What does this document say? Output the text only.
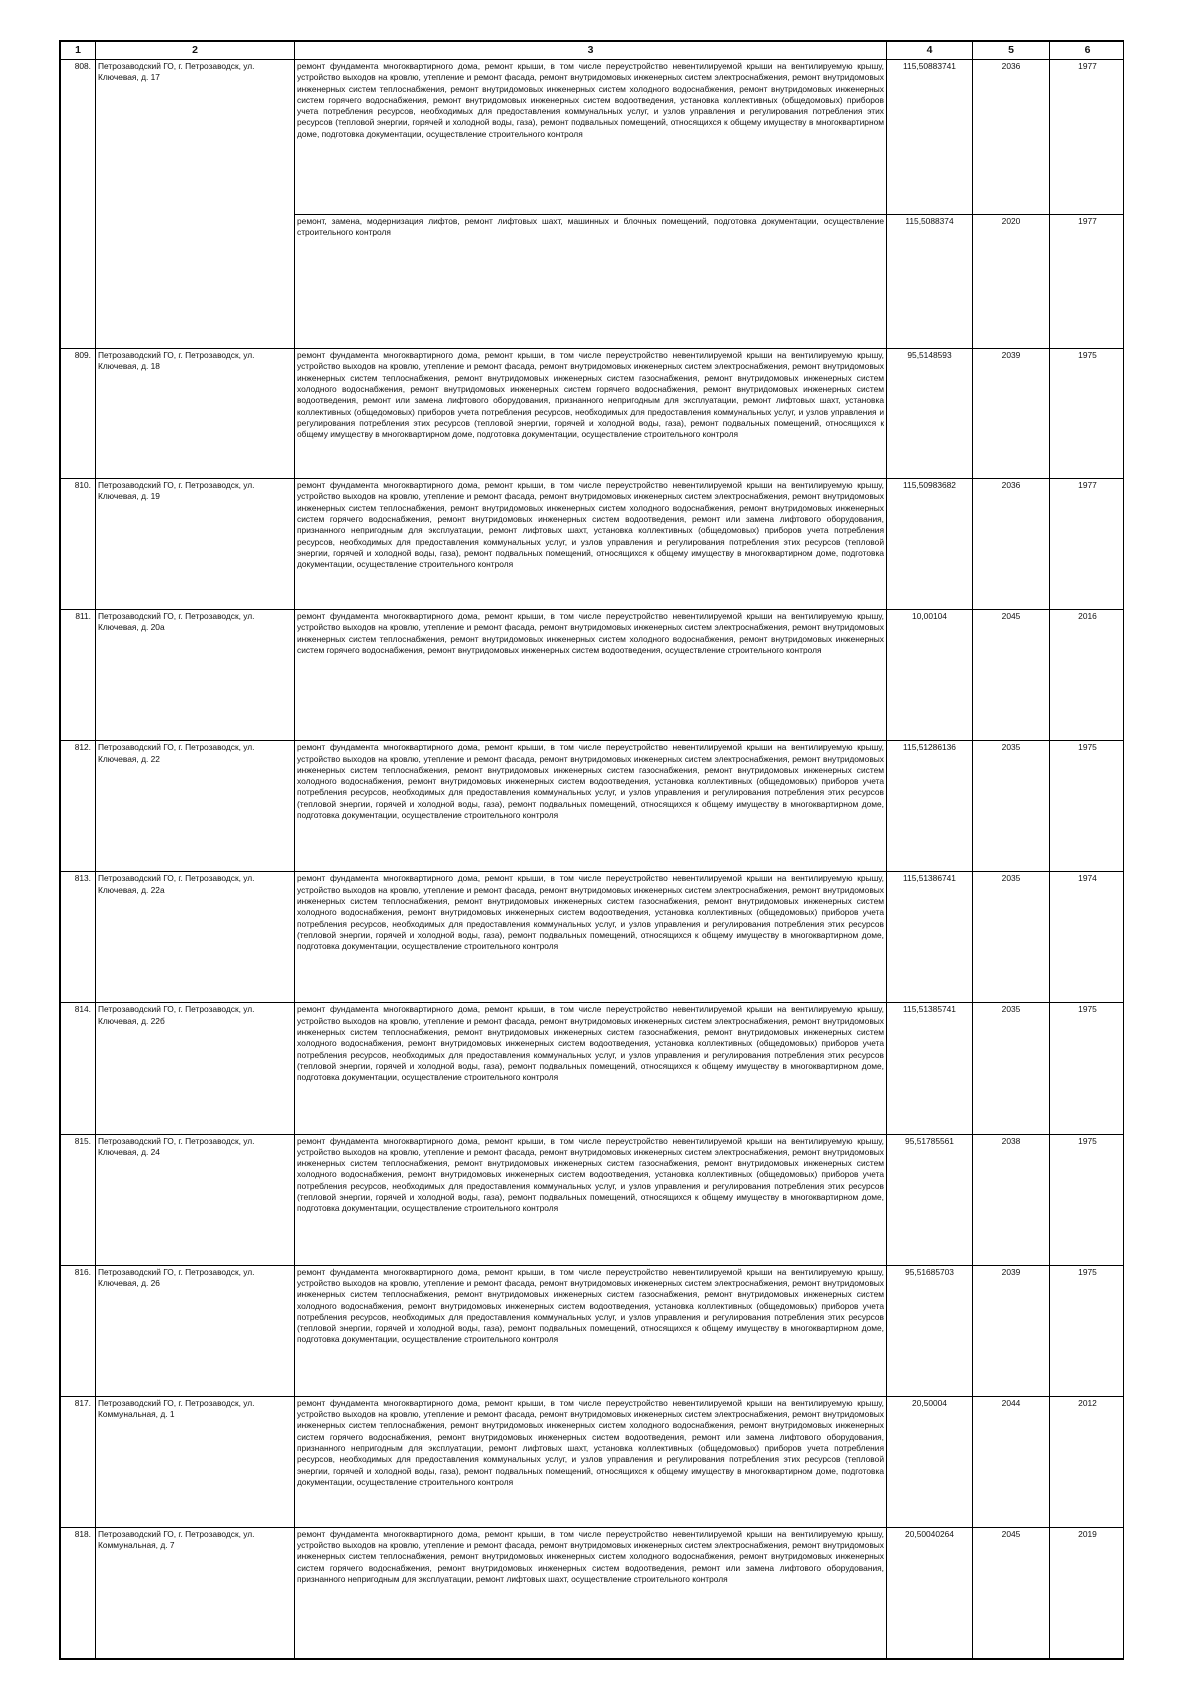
1	2	3	4	5	6
808.	Петрозаводский ГО, г. Петрозаводск, ул. Ключевая, д. 17	ремонт фундамента многоквартирного дома, ремонт крыши, в том числе переустройство невентилируемой крыши на вентилируемую крышу, устройство выходов на кровлю, утепление и ремонт фасада, ремонт внутридомовых инженерных систем электроснабжения, ремонт внутридомовых инженерных систем теплоснабжения, ремонт внутридомовых инженерных систем холодного водоснабжения, ремонт внутридомовых инженерных систем горячего водоснабжения, ремонт внутридомовых инженерных систем водоотведения, установка коллективных (общедомовых) приборов учета потребления ресурсов, необходимых для предоставления коммунальных услуг, и узлов управления и регулирования потребления этих ресурсов (тепловой энергии, горячей и холодной воды, газа), ремонт подвальных помещений, относящихся к общему имуществу в многоквартирном доме, подготовка документации, осуществление строительного контроля	115,50883741	2036	1977
		ремонт, замена, модернизация лифтов, ремонт лифтовых шахт, машинных и блочных помещений, подготовка документации, осуществление строительного контроля	115,5088374	2020	1977
809.	Петрозаводский ГО, г. Петрозаводск, ул. Ключевая, д. 18	ремонт фундамента многоквартирного дома, ремонт крыши, в том числе переустройство невентилируемой крыши на вентилируемую крышу, устройство выходов на кровлю, утепление и ремонт фасада, ремонт внутридомовых инженерных систем электроснабжения, ремонт внутридомовых инженерных систем теплоснабжения, ремонт внутридомовых инженерных систем газоснабжения, ремонт внутридомовых инженерных систем холодного водоснабжения, ремонт внутридомовых инженерных систем горячего водоснабжения, ремонт внутридомовых инженерных систем водоотведения, ремонт или замена лифтового оборудования, признанного непригодным для эксплуатации, ремонт лифтовых шахт, установка коллективных (общедомовых) приборов учета потребления ресурсов, необходимых для предоставления коммунальных услуг, и узлов управления и регулирования потребления этих ресурсов (тепловой энергии, горячей и холодной воды, газа), ремонт подвальных помещений, относящихся к общему имуществу в многоквартирном доме, подготовка документации, осуществление строительного контроля	95,5148593	2039	1975
810.	Петрозаводский ГО, г. Петрозаводск, ул. Ключевая, д. 19	ремонт фундамента многоквартирного дома, ремонт крыши, в том числе переустройство невентилируемой крыши на вентилируемую крышу, устройство выходов на кровлю, утепление и ремонт фасада, ремонт внутридомовых инженерных систем электроснабжения, ремонт внутридомовых инженерных систем теплоснабжения, ремонт внутридомовых инженерных систем холодного водоснабжения, ремонт внутридомовых инженерных систем горячего водоснабжения, ремонт внутридомовых инженерных систем водоотведения, ремонт или замена лифтового оборудования, признанного непригодным для эксплуатации, ремонт лифтовых шахт, установка коллективных (общедомовых) приборов учета потребления ресурсов, необходимых для предоставления коммунальных услуг, и узлов управления и регулирования потребления этих ресурсов (тепловой энергии, горячей и холодной воды, газа), ремонт подвальных помещений, относящихся к общему имуществу в многоквартирном доме, подготовка документации, осуществление строительного контроля	115,50983682	2036	1977
811.	Петрозаводский ГО, г. Петрозаводск, ул. Ключевая, д. 20а	ремонт фундамента многоквартирного дома, ремонт крыши, в том числе переустройство невентилируемой крыши на вентилируемую крышу, устройство выходов на кровлю, утепление и ремонт фасада, ремонт внутридомовых инженерных систем электроснабжения, ремонт внутридомовых инженерных систем теплоснабжения, ремонт внутридомовых инженерных систем холодного водоснабжения, ремонт внутридомовых инженерных систем горячего водоснабжения, ремонт внутридомовых инженерных систем водоотведения, осуществление строительного контроля	10,00104	2045	2016
812.	Петрозаводский ГО, г. Петрозаводск, ул. Ключевая, д. 22	ремонт фундамента многоквартирного дома, ремонт крыши, в том числе переустройство невентилируемой крыши на вентилируемую крышу, устройство выходов на кровлю, утепление и ремонт фасада, ремонт внутридомовых инженерных систем электроснабжения, ремонт внутридомовых инженерных систем теплоснабжения, ремонт внутридомовых инженерных систем газоснабжения, ремонт внутридомовых инженерных систем холодного водоснабжения, ремонт внутридомовых инженерных систем водоотведения, установка коллективных (общедомовых) приборов учета потребления ресурсов, необходимых для предоставления коммунальных услуг, и узлов управления и регулирования потребления этих ресурсов (тепловой энергии, горячей и холодной воды, газа), ремонт подвальных помещений, относящихся к общему имуществу в многоквартирном доме, подготовка документации, осуществление строительного контроля	115,51286136	2035	1975
813.	Петрозаводский ГО, г. Петрозаводск, ул. Ключевая, д. 22а	ремонт фундамента многоквартирного дома, ремонт крыши, в том числе переустройство невентилируемой крыши на вентилируемую крышу, устройство выходов на кровлю, утепление и ремонт фасада, ремонт внутридомовых инженерных систем электроснабжения, ремонт внутридомовых инженерных систем теплоснабжения, ремонт внутридомовых инженерных систем газоснабжения, ремонт внутридомовых инженерных систем холодного водоснабжения, ремонт внутридомовых инженерных систем водоотведения, установка коллективных (общедомовых) приборов учета потребления ресурсов, необходимых для предоставления коммунальных услуг, и узлов управления и регулирования потребления этих ресурсов (тепловой энергии, горячей и холодной воды, газа), ремонт подвальных помещений, относящихся к общему имуществу в многоквартирном доме, подготовка документации, осуществление строительного контроля	115,51386741	2035	1974
814.	Петрозаводский ГО, г. Петрозаводск, ул. Ключевая, д. 22б	ремонт фундамента многоквартирного дома, ремонт крыши, в том числе переустройство невентилируемой крыши на вентилируемую крышу, устройство выходов на кровлю, утепление и ремонт фасада, ремонт внутридомовых инженерных систем электроснабжения, ремонт внутридомовых инженерных систем теплоснабжения, ремонт внутридомовых инженерных систем газоснабжения, ремонт внутридомовых инженерных систем холодного водоснабжения, ремонт внутридомовых инженерных систем водоотведения, установка коллективных (общедомовых) приборов учета потребления ресурсов, необходимых для предоставления коммунальных услуг, и узлов управления и регулирования потребления этих ресурсов (тепловой энергии, горячей и холодной воды, газа), ремонт подвальных помещений, относящихся к общему имуществу в многоквартирном доме, подготовка документации, осуществление строительного контроля	115,51385741	2035	1975
815.	Петрозаводский ГО, г. Петрозаводск, ул. Ключевая, д. 24	ремонт фундамента многоквартирного дома, ремонт крыши, в том числе переустройство невентилируемой крыши на вентилируемую крышу, устройство выходов на кровлю, утепление и ремонт фасада, ремонт внутридомовых инженерных систем электроснабжения, ремонт внутридомовых инженерных систем теплоснабжения, ремонт внутридомовых инженерных систем газоснабжения, ремонт внутридомовых инженерных систем холодного водоснабжения, ремонт внутридомовых инженерных систем водоотведения, установка коллективных (общедомовых) приборов учета потребления ресурсов, необходимых для предоставления коммунальных услуг, и узлов управления и регулирования потребления этих ресурсов (тепловой энергии, горячей и холодной воды, газа), ремонт подвальных помещений, относящихся к общему имуществу в многоквартирном доме, подготовка документации, осуществление строительного контроля	95,51785561	2038	1975
816.	Петрозаводский ГО, г. Петрозаводск, ул. Ключевая, д. 26	ремонт фундамента многоквартирного дома, ремонт крыши, в том числе переустройство невентилируемой крыши на вентилируемую крышу, устройство выходов на кровлю, утепление и ремонт фасада, ремонт внутридомовых инженерных систем электроснабжения, ремонт внутридомовых инженерных систем теплоснабжения, ремонт внутридомовых инженерных систем газоснабжения, ремонт внутридомовых инженерных систем холодного водоснабжения, ремонт внутридомовых инженерных систем водоотведения, установка коллективных (общедомовых) приборов учета потребления ресурсов, необходимых для предоставления коммунальных услуг, и узлов управления и регулирования потребления этих ресурсов (тепловой энергии, горячей и холодной воды, газа), ремонт подвальных помещений, относящихся к общему имуществу в многоквартирном доме, подготовка документации, осуществление строительного контроля	95,51685703	2039	1975
817.	Петрозаводский ГО, г. Петрозаводск, ул. Коммунальная, д. 1	ремонт фундамента многоквартирного дома, ремонт крыши, в том числе переустройство невентилируемой крыши на вентилируемую крышу, устройство выходов на кровлю, утепление и ремонт фасада, ремонт внутридомовых инженерных систем электроснабжения, ремонт внутридомовых инженерных систем теплоснабжения, ремонт внутридомовых инженерных систем холодного водоснабжения, ремонт внутридомовых инженерных систем горячего водоснабжения, ремонт внутридомовых инженерных систем водоотведения, ремонт или замена лифтового оборудования, признанного непригодным для эксплуатации, ремонт лифтовых шахт, установка коллективных (общедомовых) приборов учета потребления ресурсов, необходимых для предоставления коммунальных услуг, и узлов управления и регулирования потребления этих ресурсов (тепловой энергии, горячей и холодной воды, газа), ремонт подвальных помещений, относящихся к общему имуществу в многоквартирном доме, подготовка документации, осуществление строительного контроля	20,50004	2044	2012
818.	Петрозаводский ГО, г. Петрозаводск, ул. Коммунальная, д. 7	ремонт фундамента многоквартирного дома, ремонт крыши, в том числе переустройство невентилируемой крыши на вентилируемую крышу, устройство выходов на кровлю, утепление и ремонт фасада, ремонт внутридомовых инженерных систем электроснабжения, ремонт внутридомовых инженерных систем теплоснабжения, ремонт внутридомовых инженерных систем холодного водоснабжения, ремонт внутридомовых инженерных систем горячего водоснабжения, ремонт внутридомовых инженерных систем водоотведения, ремонт или замена лифтового оборудования, признанного непригодным для эксплуатации, ремонт лифтовых шахт, осуществление строительного контроля	20,50040264	2045	2019
